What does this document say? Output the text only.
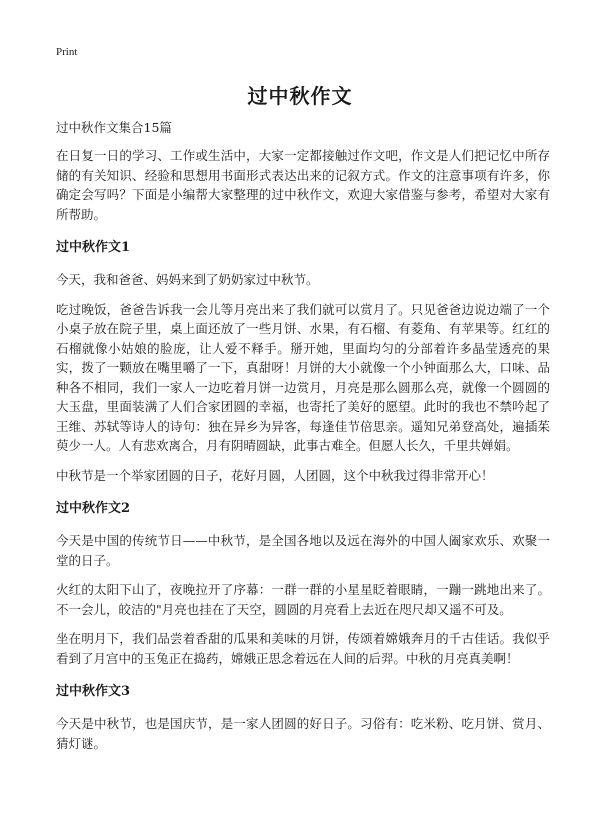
Print
过中秋作文
过中秋作文集合15篇

在日复一日的学习、工作或生活中，大家一定都接触过作文吧，作文是人们把记忆中所存储的有关知识、经验和思想用书面形式表达出来的记叙方式。作文的注意事项有许多，你确定会写吗？下面是小编帮大家整理的过中秋作文，欢迎大家借鉴与参考，希望对大家有所帮助。

过中秋作文1

今天，我和爸爸、妈妈来到了奶奶家过中秋节。

吃过晚饭，爸爸告诉我一会儿等月亮出来了我们就可以赏月了。只见爸爸边说边端了一个小桌子放在院子里，桌上面还放了一些月饼、水果，有石榴、有菱角、有苹果等。红红的石榴就像小姑娘的脸庞，让人爱不释手。掰开她，里面均匀的分部着许多晶莹透亮的果实，拨了一颗放在嘴里嚼了一下，真甜呀！月饼的大小就像一个小钟面那么大，口味、品种各不相同，我们一家人一边吃着月饼一边赏月，月亮是那么圆那么亮，就像一个圆圆的大玉盘，里面装满了人们合家团圆的幸福，也寄托了美好的愿望。此时的我也不禁吟起了王维、苏轼等诗人的诗句：独在异乡为异客，每逢佳节倍思亲。遥知兄弟登高处，遍插茱萸少一人。人有悲欢离合，月有阴晴圆缺，此事古难全。但愿人长久，千里共婵娟。

中秋节是一个举家团圆的日子，花好月圆，人团圆，这个中秋我过得非常开心！

过中秋作文2

今天是中国的传统节日——中秋节，是全国各地以及远在海外的中国人阖家欢乐、欢聚一堂的日子。

火红的太阳下山了，夜晚拉开了序幕：一群一群的小星星眨着眼睛，一蹦一跳地出来了。不一会儿，皎洁的"月亮也挂在了天空，圆圆的月亮看上去近在咫尺却又遥不可及。

坐在明月下，我们品尝着香甜的瓜果和美味的月饼，传颂着嫦娥奔月的千古佳话。我似乎看到了月宫中的玉兔正在捣药，嫦娥正思念着远在人间的后羿。中秋的月亮真美啊！

过中秋作文3

今天是中秋节，也是国庆节，是一家人团圆的好日子。习俗有：吃米粉、吃月饼、赏月、猜灯谜。
